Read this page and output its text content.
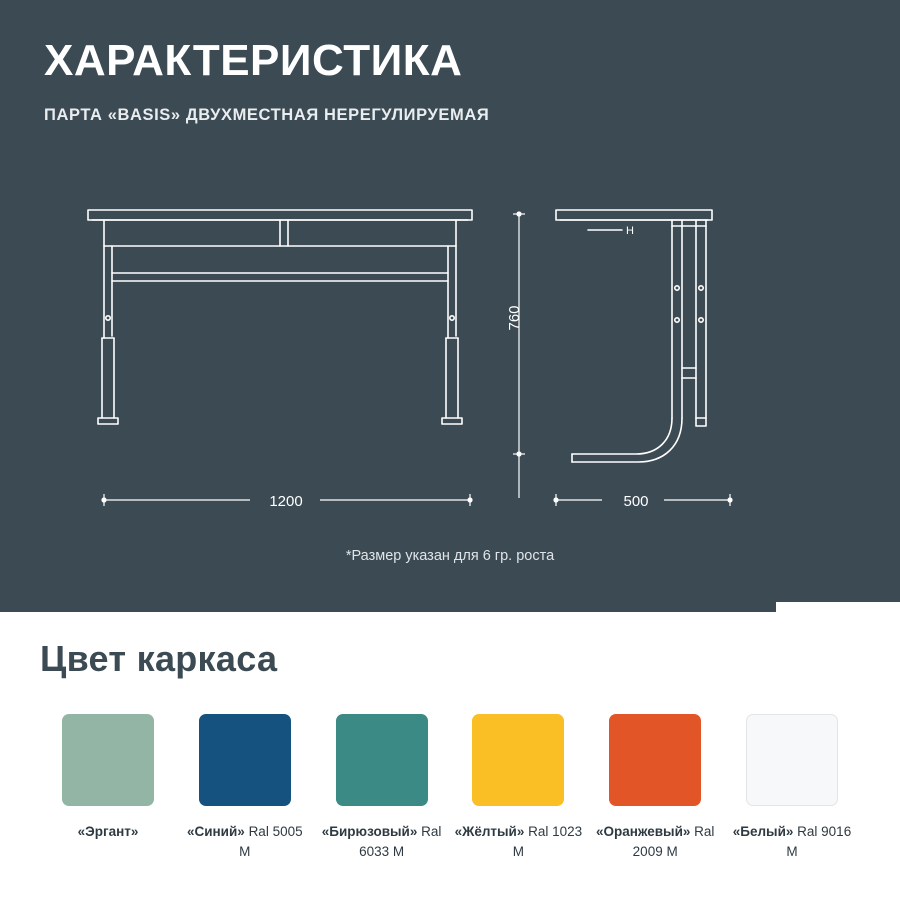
ХАРАКТЕРИСТИКА

ПАРТА «BASIS» ДВУХМЕСТНАЯ НЕРЕГУЛИРУЕМАЯ

H
760
1200	500
*Размер указан для 6 гр. роста
Цвет каркаса
«Эргант»	«Синий» Ral 5005 M
«Бирюзовый» Ral 6033 M
«Жёлтый» Ral 1023 M
«Оранжевый» Ral 2009 M
«Белый» Ral 9016 M
